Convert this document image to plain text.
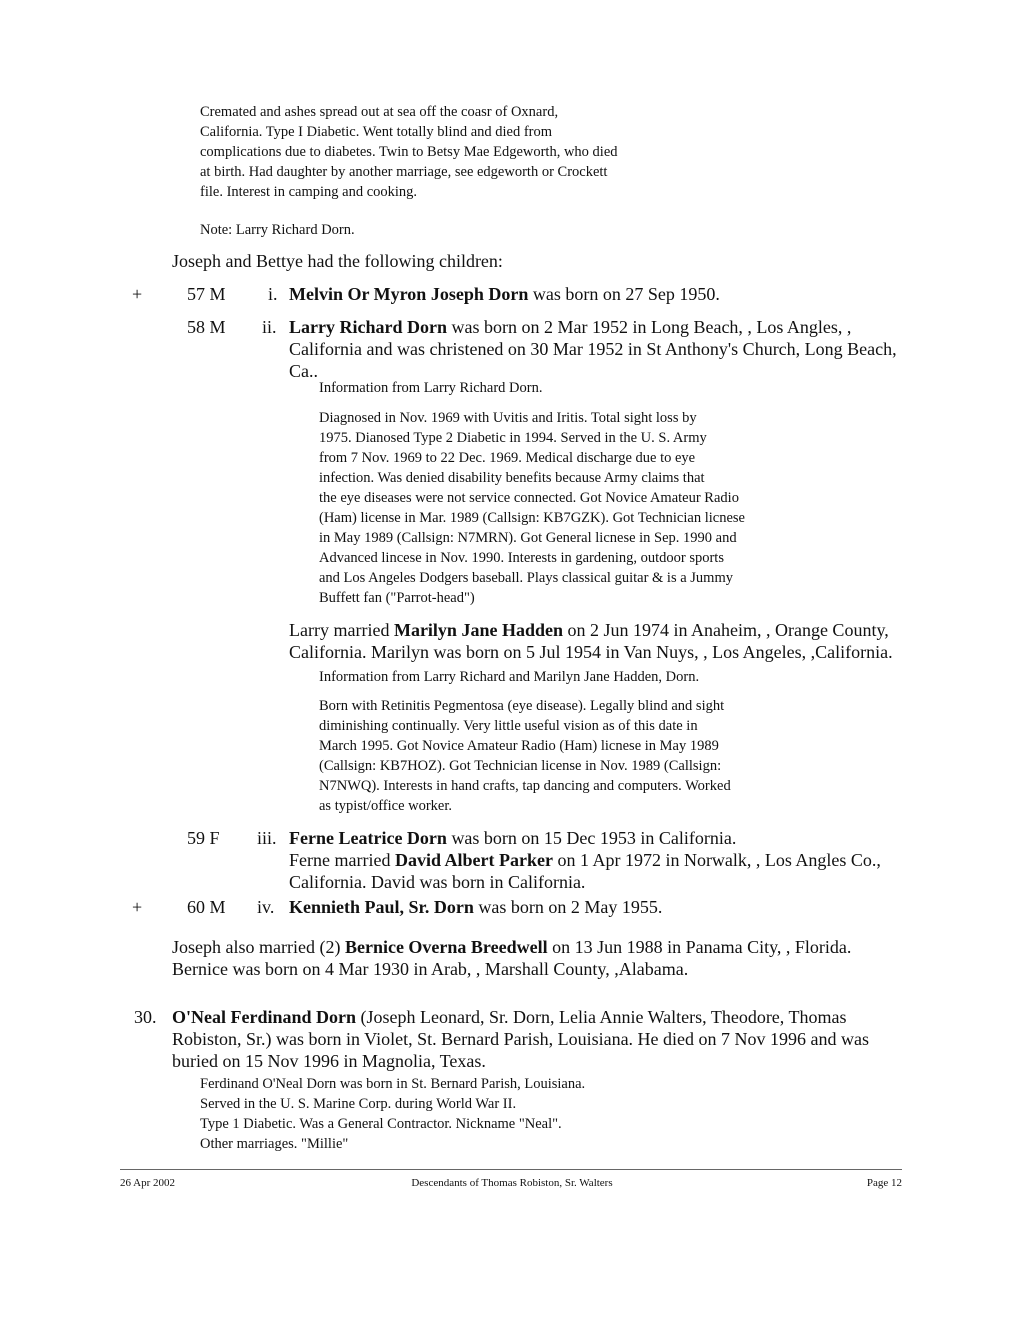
Cremated and ashes spread out at sea off the coasr of Oxnard,
California. Type I Diabetic. Went totally blind and died from
complications due to diabetes. Twin to Betsy Mae Edgeworth, who died
at birth. Had daughter by another marriage, see edgeworth or Crockett
file. Interest in camping and cooking.
Note: Larry Richard Dorn.
Joseph and Bettye had the following children:
+ 57 M i. Melvin Or Myron Joseph Dorn was born on 27 Sep 1950.
58 M ii. Larry Richard Dorn was born on 2 Mar 1952 in Long Beach, , Los Angles, ,
California and was christened on 30 Mar 1952 in St Anthony's Church, Long Beach,
Ca..
Information from Larry Richard Dorn.
Diagnosed in Nov. 1969 with Uvitis and Iritis. Total sight loss by
1975. Dianosed Type 2 Diabetic in 1994. Served in the U. S. Army
from 7 Nov. 1969 to 22 Dec. 1969. Medical discharge due to eye
infection. Was denied disability benefits because Army claims that
the eye diseases were not service connected. Got Novice Amateur Radio
(Ham) license in Mar. 1989 (Callsign: KB7GZK). Got Technician licnese
in May 1989 (Callsign: N7MRN). Got General licnese in Sep. 1990 and
Advanced lincese in Nov. 1990. Interests in gardening, outdoor sports
and Los Angeles Dodgers baseball. Plays classical guitar & is a Jummy
Buffett fan ("Parrot-head")
Larry married Marilyn Jane Hadden on 2 Jun 1974 in Anaheim, , Orange County,
California. Marilyn was born on 5 Jul 1954 in Van Nuys, , Los Angeles, ,California.
Information from Larry Richard and Marilyn Jane Hadden, Dorn.
Born with Retinitis Pegmentosa (eye disease). Legally blind and sight
diminishing continually. Very little useful vision as of this date in
March 1995. Got Novice Amateur Radio (Ham) licnese in May 1989
(Callsign: KB7HOZ). Got Technician license in Nov. 1989 (Callsign:
N7NWQ). Interests in hand crafts, tap dancing and computers. Worked
as typist/office worker.
59 F iii. Ferne Leatrice Dorn was born on 15 Dec 1953 in California.
Ferne married David Albert Parker on 1 Apr 1972 in Norwalk, , Los Angles Co.,
California. David was born in California.
+ 60 M iv. Kennieth Paul, Sr. Dorn was born on 2 May 1955.
Joseph also married (2) Bernice Overna Breedwell on 13 Jun 1988 in Panama City, , Florida.
Bernice was born on 4 Mar 1930 in Arab, , Marshall County, ,Alabama.
30. O'Neal Ferdinand Dorn (Joseph Leonard, Sr. Dorn, Lelia Annie Walters, Theodore, Thomas
Robiston, Sr.) was born in Violet, St. Bernard Parish, Louisiana. He died on 7 Nov 1996 and was
buried on 15 Nov 1996 in Magnolia, Texas.
Ferdinand O'Neal Dorn was born in St. Bernard Parish, Louisiana.
Served in the U. S. Marine Corp. during World War II.
Type 1 Diabetic. Was a General Contractor. Nickname "Neal".
Other marriages. "Millie"
26 Apr 2002	Descendants of Thomas Robiston, Sr. Walters	Page 12
